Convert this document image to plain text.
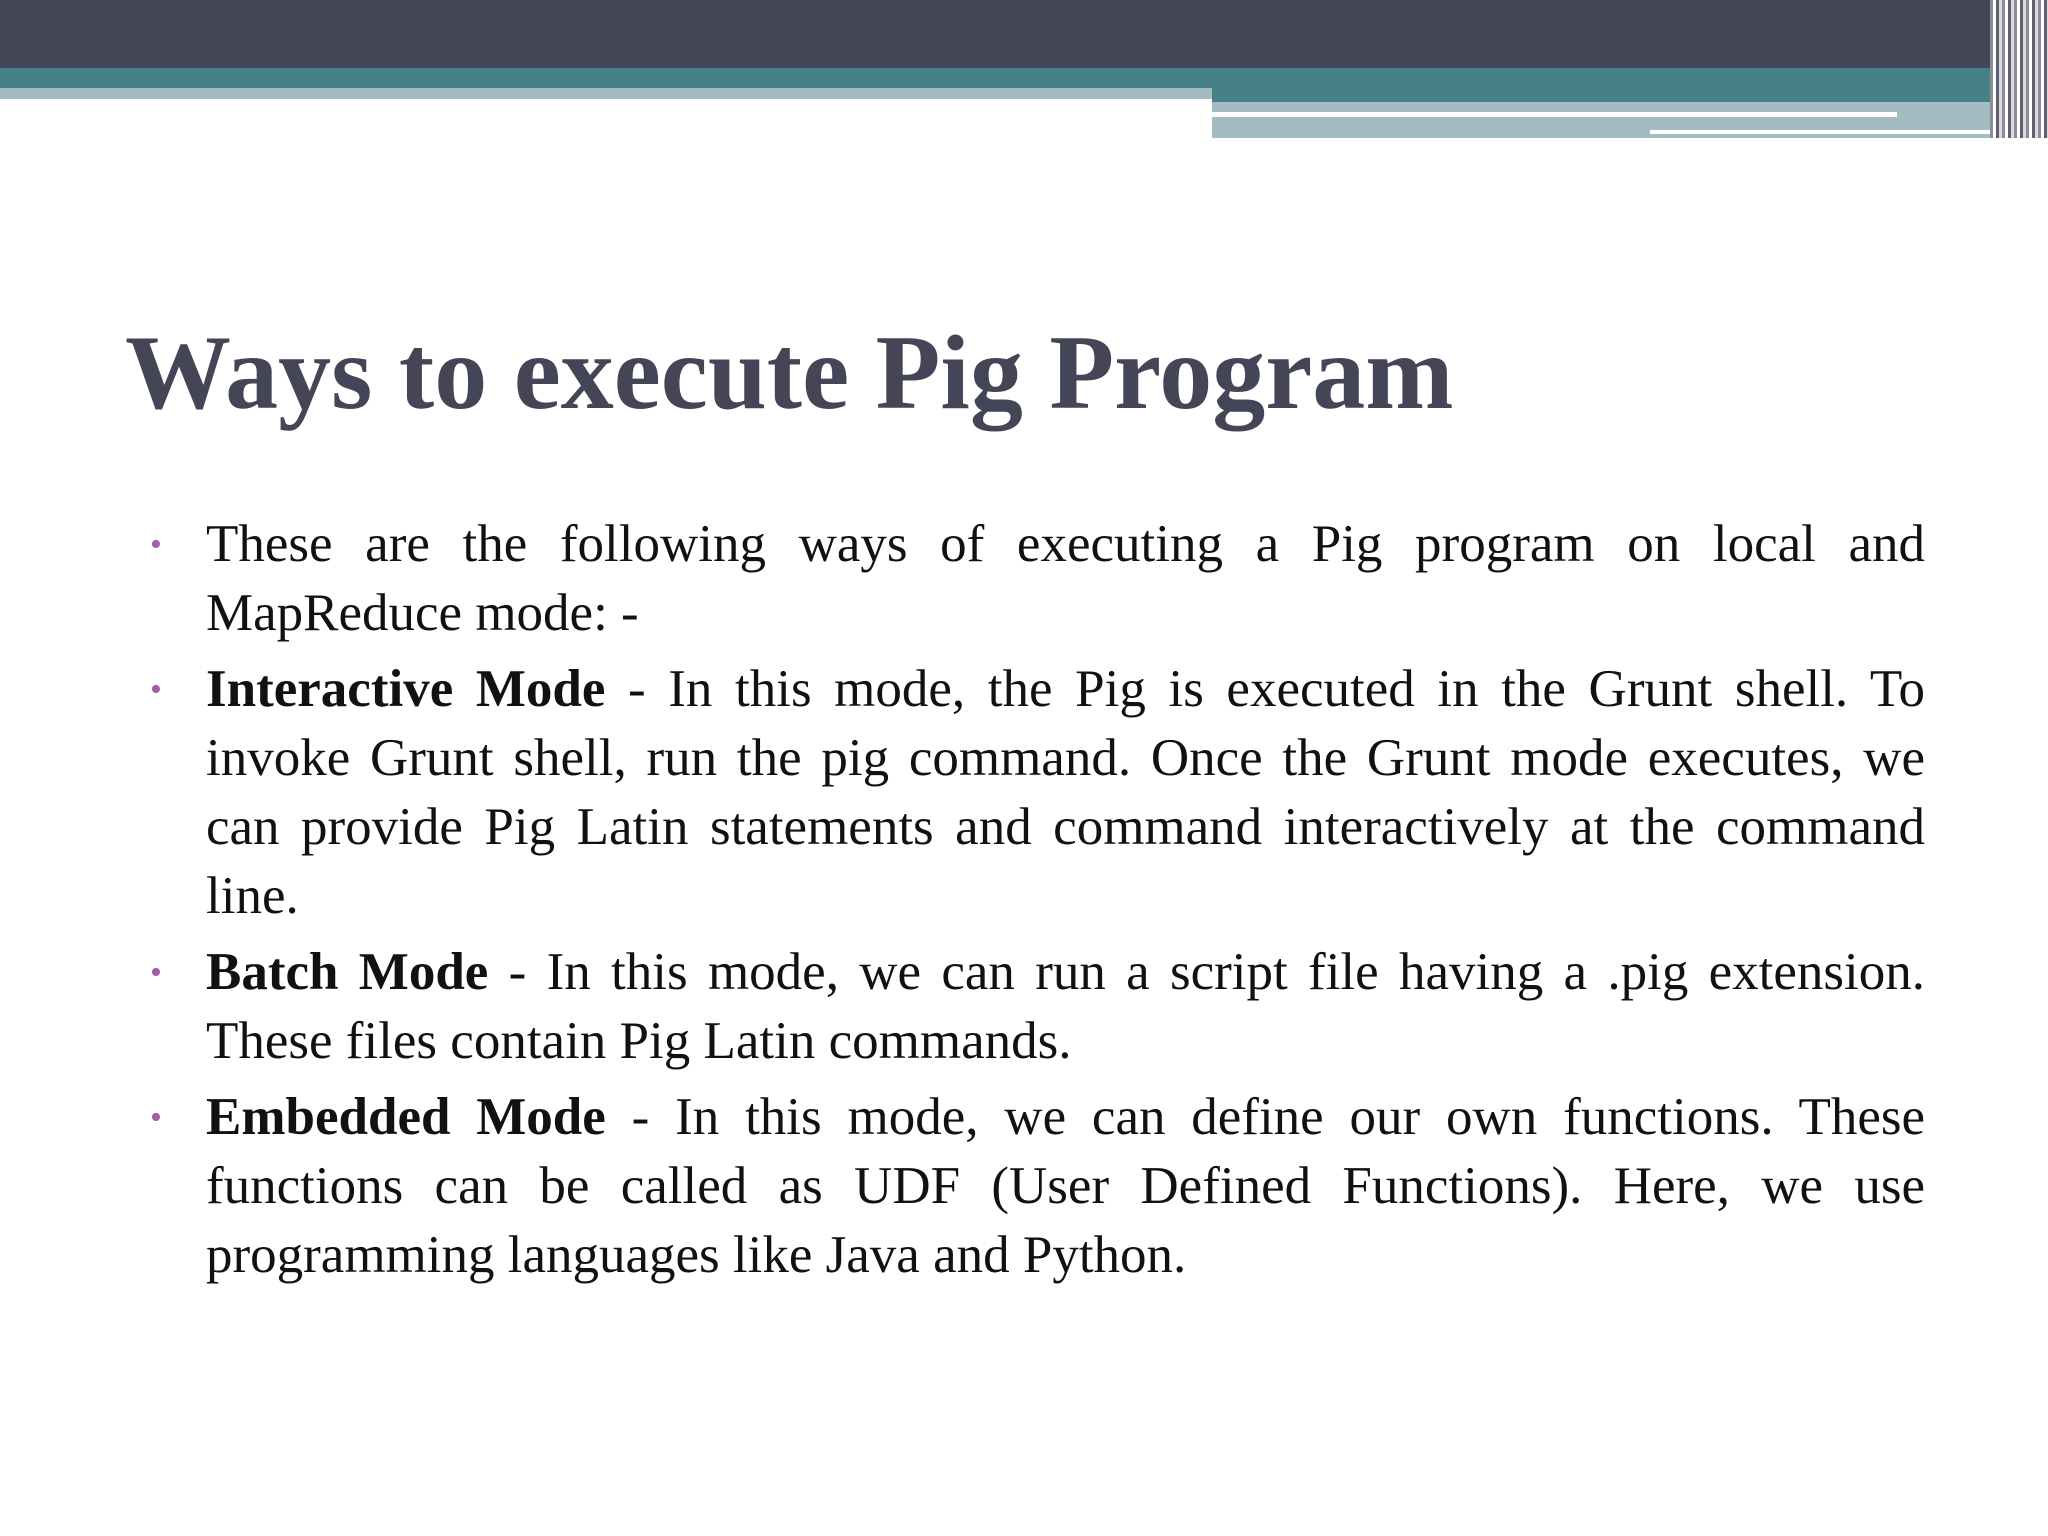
Ways to execute Pig Program
• These are the following ways of executing a Pig program on local and MapReduce mode: -
• Interactive Mode - In this mode, the Pig is executed in the Grunt shell. To invoke Grunt shell, run the pig command. Once the Grunt mode executes, we can provide Pig Latin statements and command interactively at the command line.
• Batch Mode - In this mode, we can run a script file having a .pig extension. These files contain Pig Latin commands.
• Embedded Mode - In this mode, we can define our own functions. These functions can be called as UDF (User Defined Functions). Here, we use programming languages like Java and Python.
